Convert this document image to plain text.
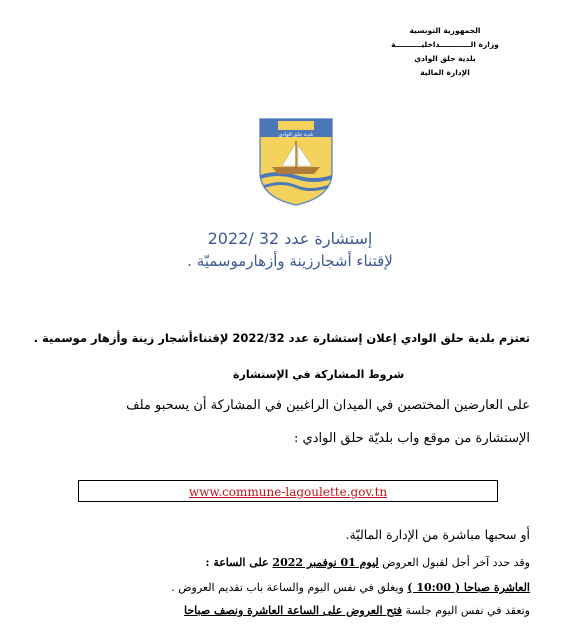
الجمهورية التونسية
وزارة الــــــــــــداخليــــــــــة
بلدية حلق الوادي
الإدارة المالية
بلدية حلق الوادي
إستشارة عدد 32 /2022
لإقتناء أشجارزينة وأزهارموسميّة .
تعتزم بلدية حلق الوادي إعلان إستشارة عدد 2022/32 لإقتناءأشجار زينة وأزهار موسمية .
شروط المشاركة في الإستشارة
على العارضين المختصين في الميدان الراغبين في المشاركة أن يسحبو ملف
الإستشارة من موقع واب بلديّة حلق الوادي :
www.commune-lagoulette.gov.tn
أو سحبها مباشرة من الإدارة الماليّة.
وقد حدد آخر أجل لقبول العروض ليوم 01 نوفمبر 2022 على الساعة :
العاشرة صباحا ( 10:00 ) ويغلق في نفس اليوم والساعة باب تقديم العروض .
وتعقد في نفس اليوم جلسة فتح العروض على الساعة العاشرة ونصف صباحا
